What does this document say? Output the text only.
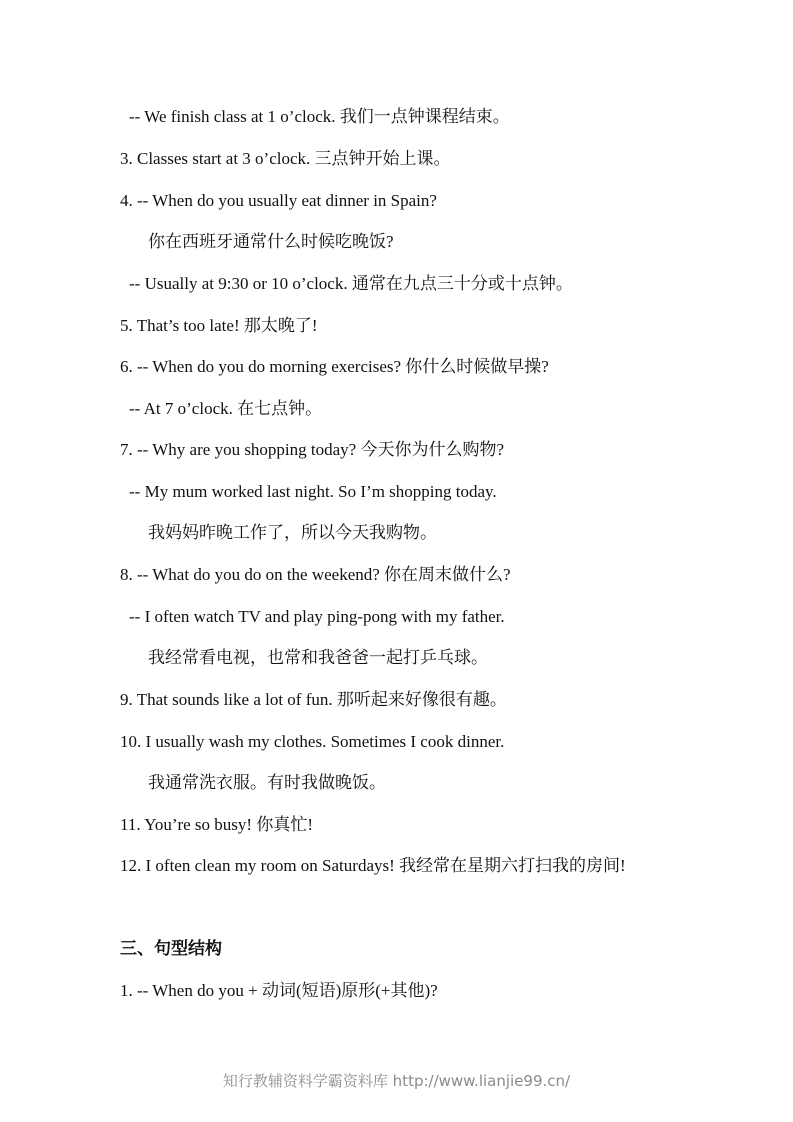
-- We finish class at 1 o’clock. 我们一点钟课程结束。
3. Classes start at 3 o’clock. 三点钟开始上课。
4. -- When do you usually eat dinner in Spain?
你在西班牙通常什么时候吃晚饭?
-- Usually at 9:30 or 10 o’clock. 通常在九点三十分或十点钟。
5. That’s too late! 那太晚了!
6. -- When do you do morning exercises? 你什么时候做早操?
-- At 7 o’clock. 在七点钟。
7. -- Why are you shopping today? 今天你为什么购物?
-- My mum worked last night. So I’m shopping today.
我妈妈昨晚工作了，所以今天我购物。
8. -- What do you do on the weekend? 你在周末做什么?
-- I often watch TV and play ping-pong with my father.
我经常看电视，也常和我爸爸一起打乒乓球。
9. That sounds like a lot of fun. 那听起来好像很有趣。
10. I usually wash my clothes. Sometimes I cook dinner.
我通常洗衣服。有时我做晚饭。
11. You’re so busy! 你真忙!
12. I often clean my room on Saturdays! 我经常在星期六打扫我的房间!
三、句型结构
1. -- When do you + 动词(短语)原形(+其他)?
知行教辅资料学霸资料库 http://www.lianjie99.cn/
